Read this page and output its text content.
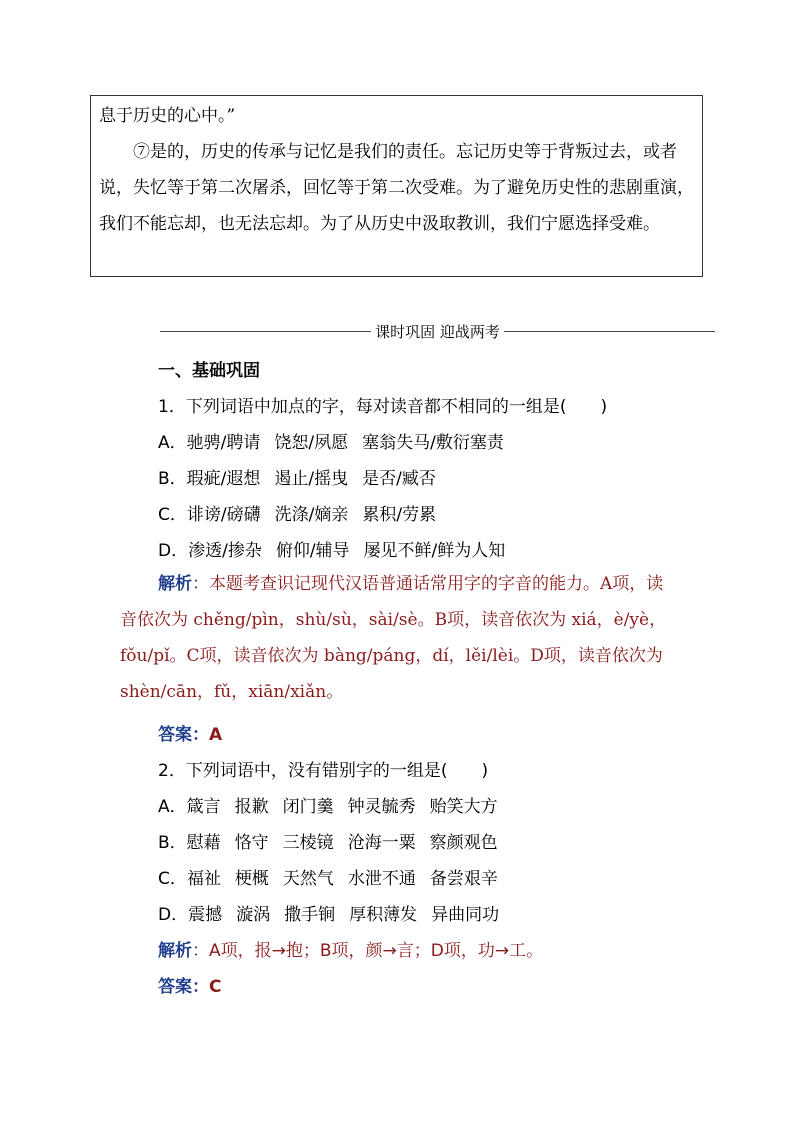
息于历史的心中。”

⑦是的，历史的传承与记忆是我们的责任。忘记历史等于背叛过去，或者说，失忆等于第二次屠杀，回忆等于第二次受难。为了避免历史性的悲剧重演，我们不能忘却，也无法忘却。为了从历史中汲取教训，我们宁愿选择受难。

课时巩固 迎战两考
一、基础巩固
1．下列词语中加点的字，每对读音都不相同的一组是(　　)
A．驰骋/聘请 饶恕/夙愿 塞翁失马/敷衍塞责
B．瑕疵/遐想 遏止/摇曳 是否/臧否
C．诽谤/磅礴 洗涤/嫡亲 累积/劳累
D．渗透/掺杂 俯仰/辅导 屡见不鲜/鲜为人知
解析：本题考查识记现代汉语普通话常用字的字音的能力。A项，读音依次为 chěng/pìn，shù/sù，sài/sè。B项，读音依次为 xiá，è/yè，fǒu/pǐ。C项，读音依次为 bàng/páng，dí，lěi/lèi。D项，读音依次为 shèn/cān，fǔ，xiān/xiǎn。
答案：A
2．下列词语中，没有错别字的一组是(　　)
A．箴言 报歉 闭门羹 钟灵毓秀 贻笑大方
B．慰藉 恪守 三棱镜 沧海一粟 察颜观色
C．福祉 梗概 天然气 水泄不通 备尝艰辛
D．震撼 漩涡 撒手锏 厚积薄发 异曲同功
解析：A项，报→抱；B项，颜→言；D项，功→工。
答案：C
